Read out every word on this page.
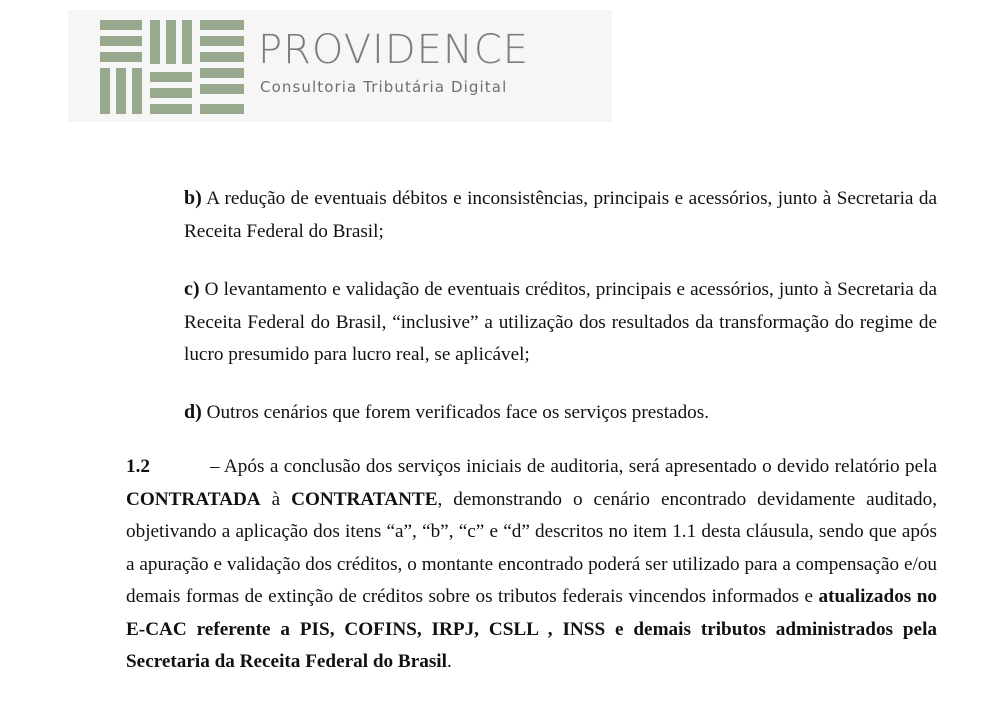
PROVIDENCE
Consultoria Tributária Digital

b) A redução de eventuais débitos e inconsistências, principais e acessórios, junto à Secretaria da Receita Federal do Brasil;

c) O levantamento e validação de eventuais créditos, principais e acessórios, junto à Secretaria da Receita Federal do Brasil, “inclusive” a utilização dos resultados da transformação do regime de lucro presumido para lucro real, se aplicável;

d) Outros cenários que forem verificados face os serviços prestados.

1.2	– Após a conclusão dos serviços iniciais de auditoria, será apresentado o devido relatório pela CONTRATADA à CONTRATANTE, demonstrando o cenário encontrado devidamente auditado, objetivando a aplicação dos itens “a”, “b”, “c” e “d” descritos no item 1.1 desta cláusula, sendo que após a apuração e validação dos créditos, o montante encontrado poderá ser utilizado para a compensação e/ou demais formas de extinção de créditos sobre os tributos federais vincendos informados e atualizados no E-CAC referente a PIS, COFINS, IRPJ, CSLL , INSS e demais tributos administrados pela Secretaria da Receita Federal do Brasil.
